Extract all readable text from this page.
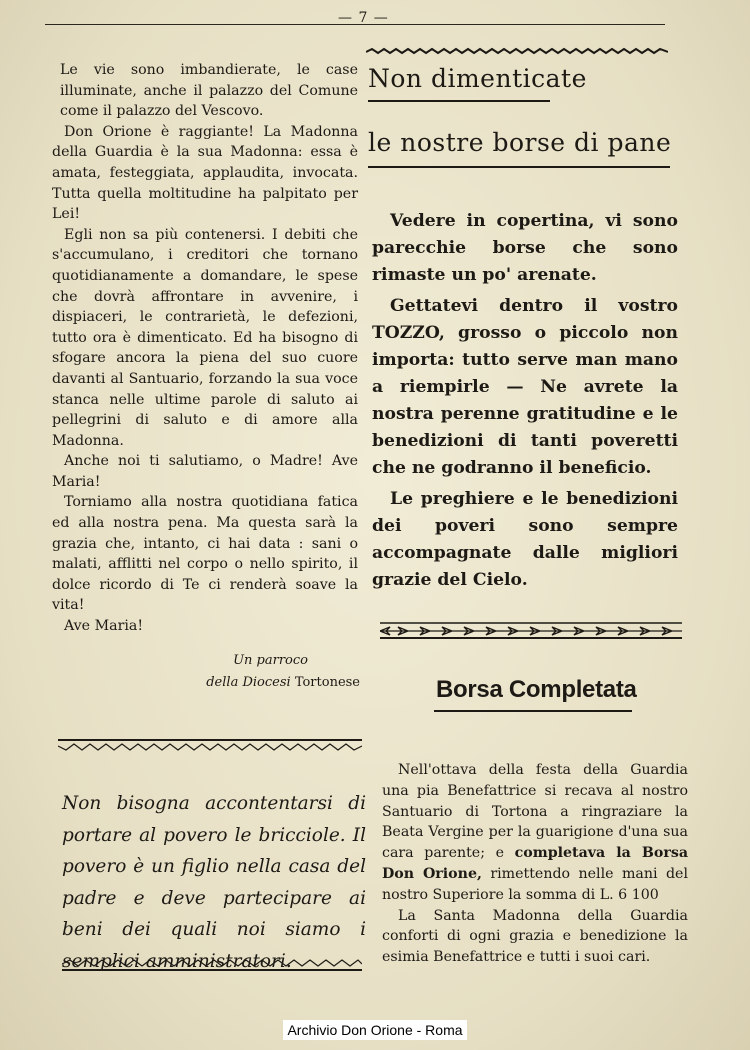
— 7 —

Le vie sono imbandierate, le case illuminate, anche il palazzo del Comune come il palazzo del Vescovo.

Don Orione è raggiante! La Madonna della Guardia è la sua Madonna: essa è amata, festeggiata, applaudita, invocata. Tutta quella moltitudine ha palpitato per Lei!

Egli non sa più contenersi. I debiti che s'accumulano, i creditori che tornano quotidianamente a domandare, le spese che dovrà affrontare in avvenire, i dispiaceri, le contrarietà, le defezioni, tutto ora è dimenticato. Ed ha bisogno di sfogare ancora la piena del suo cuore davanti al Santuario, forzando la sua voce stanca nelle ultime parole di saluto ai pellegrini di saluto e di amore alla Madonna.

Anche noi ti salutiamo, o Madre! Ave Maria!

Torniamo alla nostra quotidiana fatica ed alla nostra pena. Ma questa sarà la grazia che, intanto, ci hai data : sani o malati, afflitti nel corpo o nello spirito, il dolce ricordo di Te ci renderà soave la vita!

Ave Maria!

Un parroco
della Diocesi Tortonese

Non bisogna accontentarsi di portare al povero le bricciole. Il povero è un figlio nella casa del padre e deve partecipare ai beni dei quali noi siamo i semplici amministratori.

Non dimenticate
le nostre borse di pane

Vedere in copertina, vi sono parecchie borse che sono rimaste un po' arenate.

Gettatevi dentro il vostro TOZZO, grosso o piccolo non importa: tutto serve man mano a riempirle — Ne avrete la nostra perenne gratitudine e le benedizioni di tanti poveretti che ne godranno il beneficio.

Le preghiere e le benedizioni dei poveri sono sempre accompagnate dalle migliori grazie del Cielo.

Borsa Completata

Nell'ottava della festa della Guardia una pia Benefattrice si recava al nostro Santuario di Tortona a ringraziare la Beata Vergine per la guarigione d'una sua cara parente; e completava la Borsa Don Orione, rimettendo nelle mani del nostro Superiore la somma di L. 6 100

La Santa Madonna della Guardia conforti di ogni grazia e benedizione la esimia Benefattrice e tutti i suoi cari.

Archivio Don Orione - Roma
